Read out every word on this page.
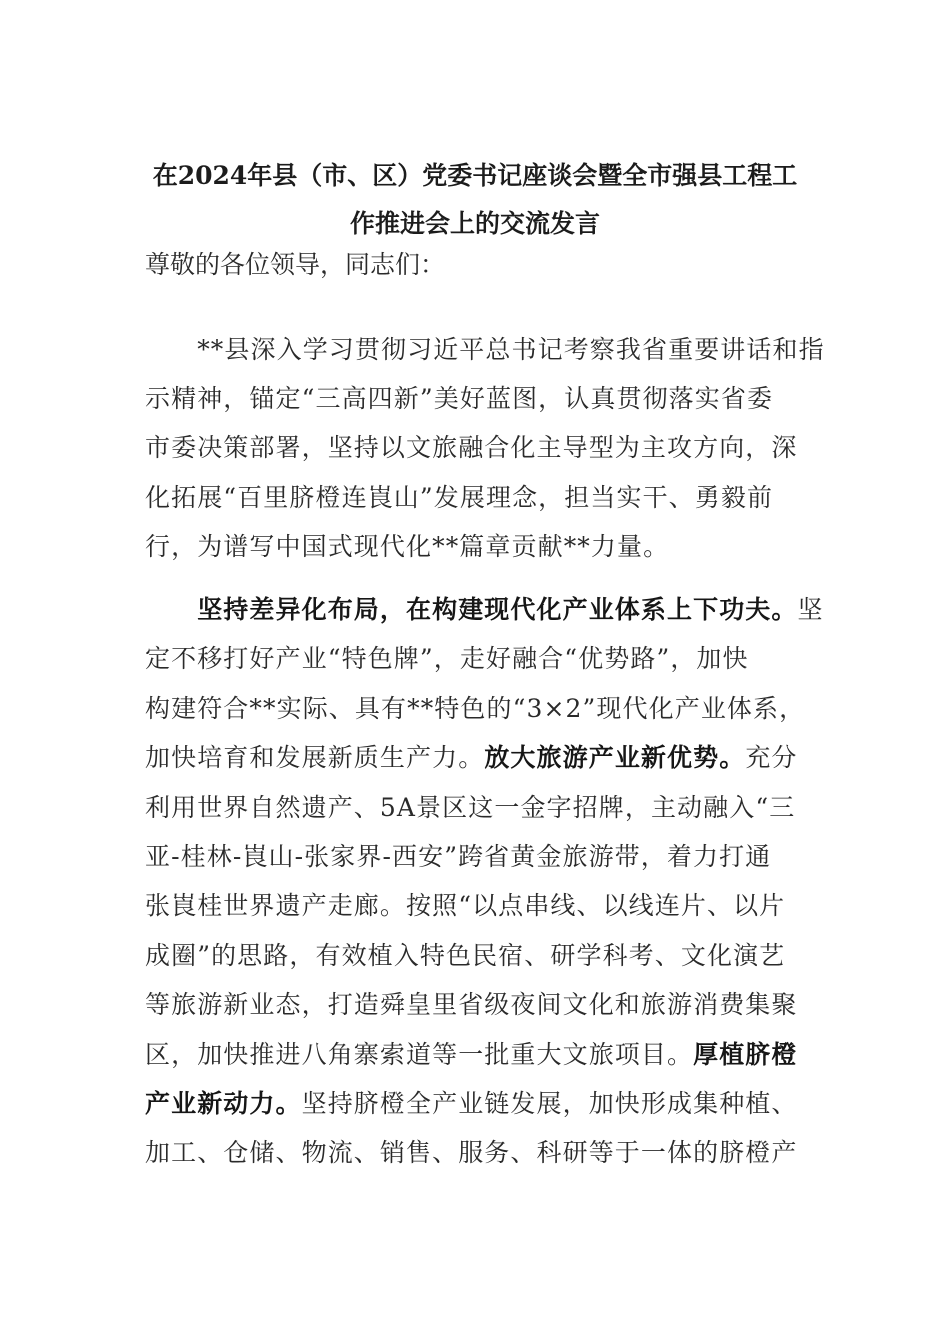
在2024年县（市、区）党委书记座谈会暨全市强县工程工
作推进会上的交流发言

尊敬的各位领导，同志们：

　　**县深入学习贯彻习近平总书记考察我省重要讲话和指
示精神，锚定“三高四新”美好蓝图，认真贯彻落实省委
市委决策部署，坚持以文旅融合化主导型为主攻方向，深
化拓展“百里脐橙连崀山”发展理念，担当实干、勇毅前
行，为谱写中国式现代化**篇章贡献**力量。
　　坚持差异化布局，在构建现代化产业体系上下功夫。坚
定不移打好产业“特色牌”，走好融合“优势路”，加快
构建符合**实际、具有**特色的“3×2”现代化产业体系，
加快培育和发展新质生产力。放大旅游产业新优势。充分
利用世界自然遗产、5A景区这一金字招牌，主动融入“三
亚-桂林-崀山-张家界-西安”跨省黄金旅游带，着力打通
张崀桂世界遗产走廊。按照“以点串线、以线连片、以片
成圈”的思路，有效植入特色民宿、研学科考、文化演艺
等旅游新业态，打造舜皇里省级夜间文化和旅游消费集聚
区，加快推进八角寨索道等一批重大文旅项目。厚植脐橙
产业新动力。坚持脐橙全产业链发展，加快形成集种植、
加工、仓储、物流、销售、服务、科研等于一体的脐橙产
